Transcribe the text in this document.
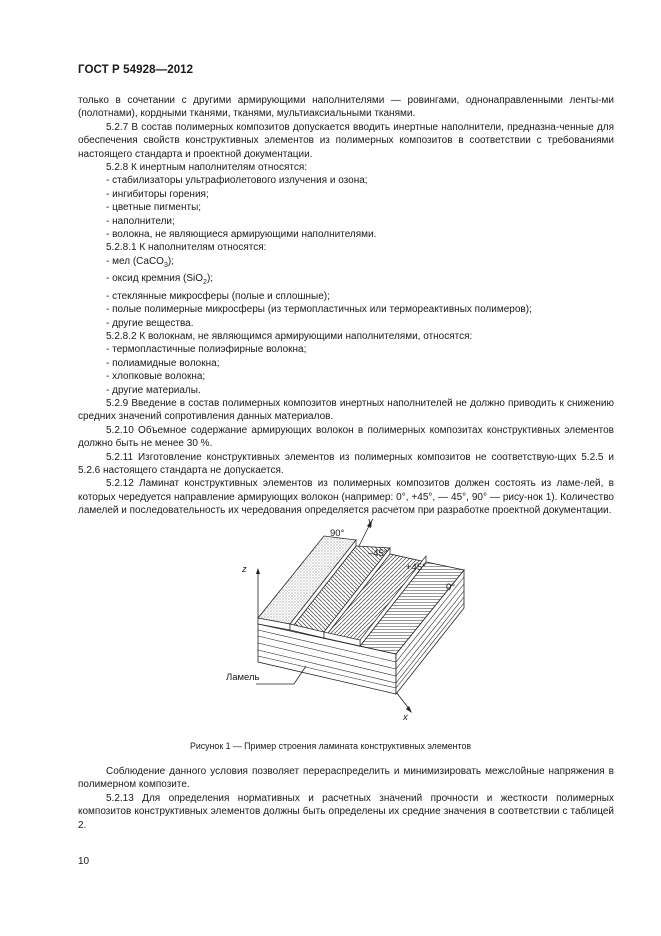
ГОСТ Р 54928—2012

только в сочетании с другими армирующими наполнителями — ровингами, однонаправленными ленты-ми (полотнами), кордными тканями, тканями, мультиаксиальными тканями.

5.2.7 В состав полимерных композитов допускается вводить инертные наполнители, предназна-ченные для обеспечения свойств конструктивных элементов из полимерных композитов в соответствии с требованиями настоящего стандарта и проектной документации.

5.2.8 К инертным наполнителям относятся:

- стабилизаторы ультрафиолетового излучения и озона;

- ингибиторы горения;

- цветные пигменты;

- наполнители;

- волокна, не являющиеся армирующими наполнителями.

5.2.8.1 К наполнителям относятся:

- мел (CaCO$_3$);

- оксид кремния (SiO$_2$);

- стеклянные микросферы (полые и сплошные);

- полые полимерные микросферы (из термопластичных или термореактивных полимеров);

- другие вещества.

5.2.8.2 К волокнам, не являющимся армирующими наполнителями, относятся:

- термопластичные полиэфирные волокна;

- полиамидные волокна;

- хлопковые волокна;

- другие материалы.

5.2.9 Введение в состав полимерных композитов инертных наполнителей не должно приводить к снижению средних значений сопротивления данных материалов.

5.2.10 Объемное содержание армирующих волокон в полимерных композитах конструктивных элементов должно быть не менее 30 %.

5.2.11 Изготовление конструктивных элементов из полимерных композитов не соответствую-щих 5.2.5 и 5.2.6 настоящего стандарта не допускается.

5.2.12 Ламинат конструктивных элементов из полимерных композитов должен состоять из ламе-лей, в которых чередуется направление армирующих волокон (например: 0°, +45°, — 45°, 90° — рису-нок 1). Количество ламелей и последовательность их чередования определяется расчетом при разработке проектной документации.

y
z
x
90°
–45°
+45°
0°
Ламель
Рисунок 1 — Пример строения ламината конструктивных элементов

Соблюдение данного условия позволяет перераспределить и минимизировать межслойные напряжения в полимерном композите.

5.2.13 Для определения нормативных и расчетных значений прочности и жесткости полимерных композитов конструктивных элементов должны быть определены их средние значения в соответствии с таблицей 2.

10
